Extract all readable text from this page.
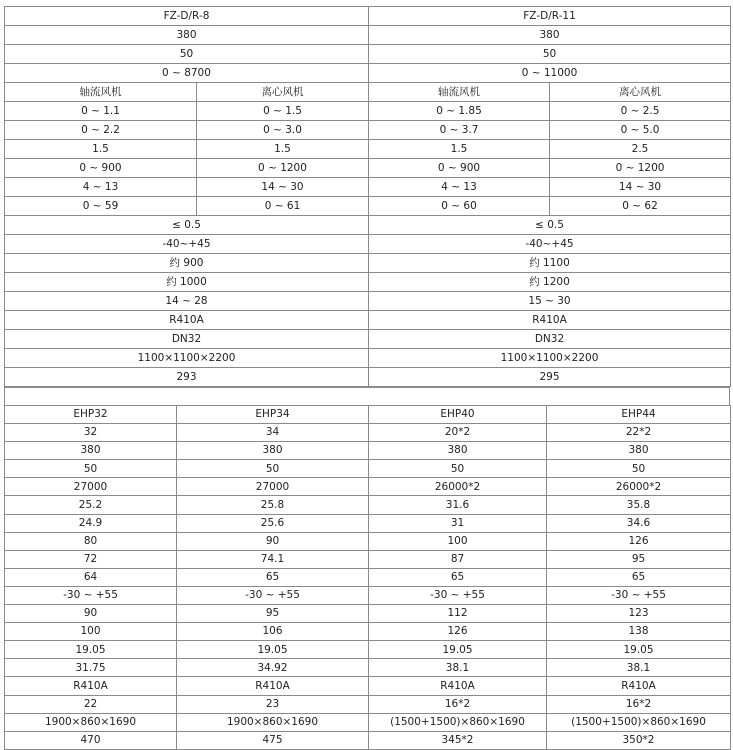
FZ-D/R-8		FZ-D/R-11	
380		380	
50		50	
0 ~ 8700		0 ~ 11000	
轴流风机	离心风机	轴流风机	离心风机
0 ~ 1.1	0 ~ 1.5	0 ~ 1.85	0 ~ 2.5
0 ~ 2.2	0 ~ 3.0	0 ~ 3.7	0 ~ 5.0
1.5	1.5	1.5	2.5
0 ~ 900	0 ~ 1200	0 ~ 900	0 ~ 1200
4 ~ 13	14 ~ 30	4 ~ 13	14 ~ 30
0 ~ 59	0 ~ 61	0 ~ 60	0 ~ 62
≤ 0.5		≤ 0.5	
-40~+45		-40~+45	
约 900		约 1100	
约 1000		约 1200	
14 ~ 28		15 ~ 30	
R410A		R410A	
DN32		DN32	
1100×1100×2200		1100×1100×2200	
293		295	
EHP32	EHP34	EHP40	EHP44
32	34	20*2	22*2
380	380	380	380
50	50	50	50
27000	27000	26000*2	26000*2
25.2	25.8	31.6	35.8
24.9	25.6	31	34.6
80	90	100	126
72	74.1	87	95
64	65	65	65
-30 ~ +55	-30 ~ +55	-30 ~ +55	-30 ~ +55
90	95	112	123
100	106	126	138
19.05	19.05	19.05	19.05
31.75	34.92	38.1	38.1
R410A	R410A	R410A	R410A
22	23	16*2	16*2
1900×860×1690	1900×860×1690	(1500+1500)×860×1690	(1500+1500)×860×1690
470	475	345*2	350*2
